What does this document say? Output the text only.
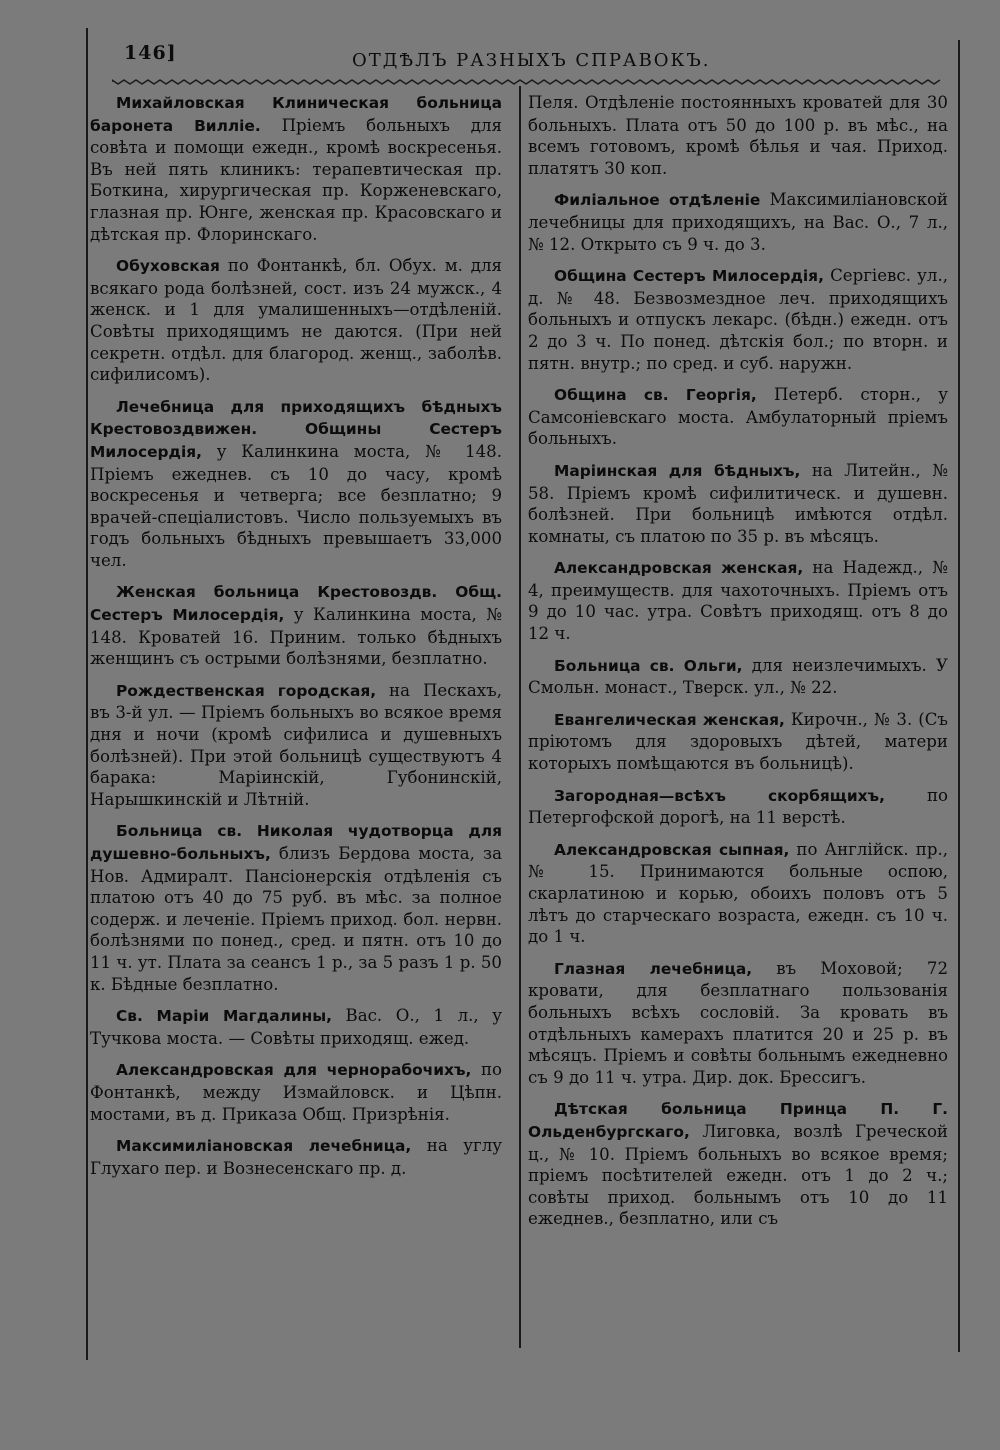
146]	ОТДѢЛЪ РАЗНЫХЪ СПРАВОКЪ.

Михайловская Клиническая больница баронета Вилліе. Пріемъ больныхъ для совѣта и помощи ежедн., кромѣ воскресенья. Въ ней пять клиникъ: терапевтическая пр. Боткина, хирургическая пр. Корженевскаго, глазная пр. Юнге, женская пр. Красовскаго и дѣтская пр. Флоринскаго.

Обуховская по Фонтанкѣ, бл. Обух. м. для всякаго рода болѣзней, сост. изъ 24 мужск., 4 женск. и 1 для умалишенныхъ—отдѣленій. Совѣты приходящимъ не даются. (При ней секретн. отдѣл. для благород. женщ., заболѣв. сифилисомъ).

Лечебница для приходящихъ бѣдныхъ Крестовоздвижен. Общины Сестеръ Милосердія, у Калинкина моста, № 148. Пріемъ ежеднев. съ 10 до часу, кромѣ воскресенья и четверга; все безплатно; 9 врачей-спеціалистовъ. Число пользуемыхъ въ годъ больныхъ бѣдныхъ превышаетъ 33,000 чел.

Женская больница Крестовоздв. Общ. Сестеръ Милосердія, у Калинкина моста, № 148. Кроватей 16. Приним. только бѣдныхъ женщинъ съ острыми болѣзнями, безплатно.

Рождественская городская, на Пескахъ, въ 3-й ул. — Пріемъ больныхъ во всякое время дня и ночи (кромѣ сифилиса и душевныхъ болѣзней). При этой больницѣ существуютъ 4 барака: Маріинскій, Губонинскій, Нарышкинскій и Лѣтній.

Больница св. Николая чудотворца для душевно-больныхъ, близъ Бердова моста, за Нов. Адмиралт. Пансіонерскія отдѣленія съ платою отъ 40 до 75 руб. въ мѣс. за полное содерж. и леченіе. Пріемъ приход. бол. нервн. болѣзнями по понед., сред. и пятн. отъ 10 до 11 ч. ут. Плата за сеансъ 1 р., за 5 разъ 1 р. 50 к. Бѣдные безплатно.

Св. Маріи Магдалины, Вас. О., 1 л., у Тучкова моста. — Совѣты приходящ. ежед.

Александровская для чернорабочихъ, по Фонтанкѣ, между Измайловск. и Цѣпн. мостами, въ д. Приказа Общ. Призрѣнія.

Максимиліановская лечебница, на углу Глухаго пер. и Вознесенскаго пр. д.

Пеля. Отдѣленіе постоянныхъ кроватей для 30 больныхъ. Плата отъ 50 до 100 р. въ мѣс., на всемъ готовомъ, кромѣ бѣлья и чая. Приход. платятъ 30 коп.

Филіальное отдѣленіе Максимиліановской лечебницы для приходящихъ, на Вас. О., 7 л., № 12. Открыто съ 9 ч. до 3.

Община Сестеръ Милосердія, Сергіевс. ул., д. № 48. Безвозмездное леч. приходящихъ больныхъ и отпускъ лекарс. (бѣдн.) ежедн. отъ 2 до 3 ч. По понед. дѣтскія бол.; по вторн. и пятн. внутр.; по сред. и суб. наружн.

Община св. Георгія, Петерб. сторн., у Самсоніевскаго моста. Амбулаторный пріемъ больныхъ.

Маріинская для бѣдныхъ, на Литейн., № 58. Пріемъ кромѣ сифилитическ. и душевн. болѣзней. При больницѣ имѣются отдѣл. комнаты, съ платою по 35 р. въ мѣсяцъ.

Александровская женская, на Надежд., № 4, преимуществ. для чахоточныхъ. Пріемъ отъ 9 до 10 час. утра. Совѣтъ приходящ. отъ 8 до 12 ч.

Больница св. Ольги, для неизлечимыхъ. У Смольн. монаст., Тверск. ул., № 22.

Евангелическая женская, Кирочн., № 3. (Съ пріютомъ для здоровыхъ дѣтей, матери которыхъ помѣщаются въ больницѣ).

Загородная—всѣхъ скорбящихъ, по Петергофской дорогѣ, на 11 верстѣ.

Александровская сыпная, по Англійск. пр., № 15. Принимаются больные оспою, скарлатиною и корью, обоихъ половъ отъ 5 лѣтъ до старческаго возраста, ежедн. съ 10 ч. до 1 ч.

Глазная лечебница, въ Моховой; 72 кровати, для безплатнаго пользованія больныхъ всѣхъ сословій. За кровать въ отдѣльныхъ камерахъ платится 20 и 25 р. въ мѣсяцъ. Пріемъ и совѣты больнымъ ежедневно съ 9 до 11 ч. утра. Дир. док. Бреccигъ.

Дѣтская больница Принца П. Г. Ольденбургскаго, Лиговка, возлѣ Греческой ц., № 10. Пріемъ больныхъ во всякое время; пріемъ посѣтителей ежедн. отъ 1 до 2 ч.; совѣты приход. больнымъ отъ 10 до 11 ежеднев., безплатно, или съ
